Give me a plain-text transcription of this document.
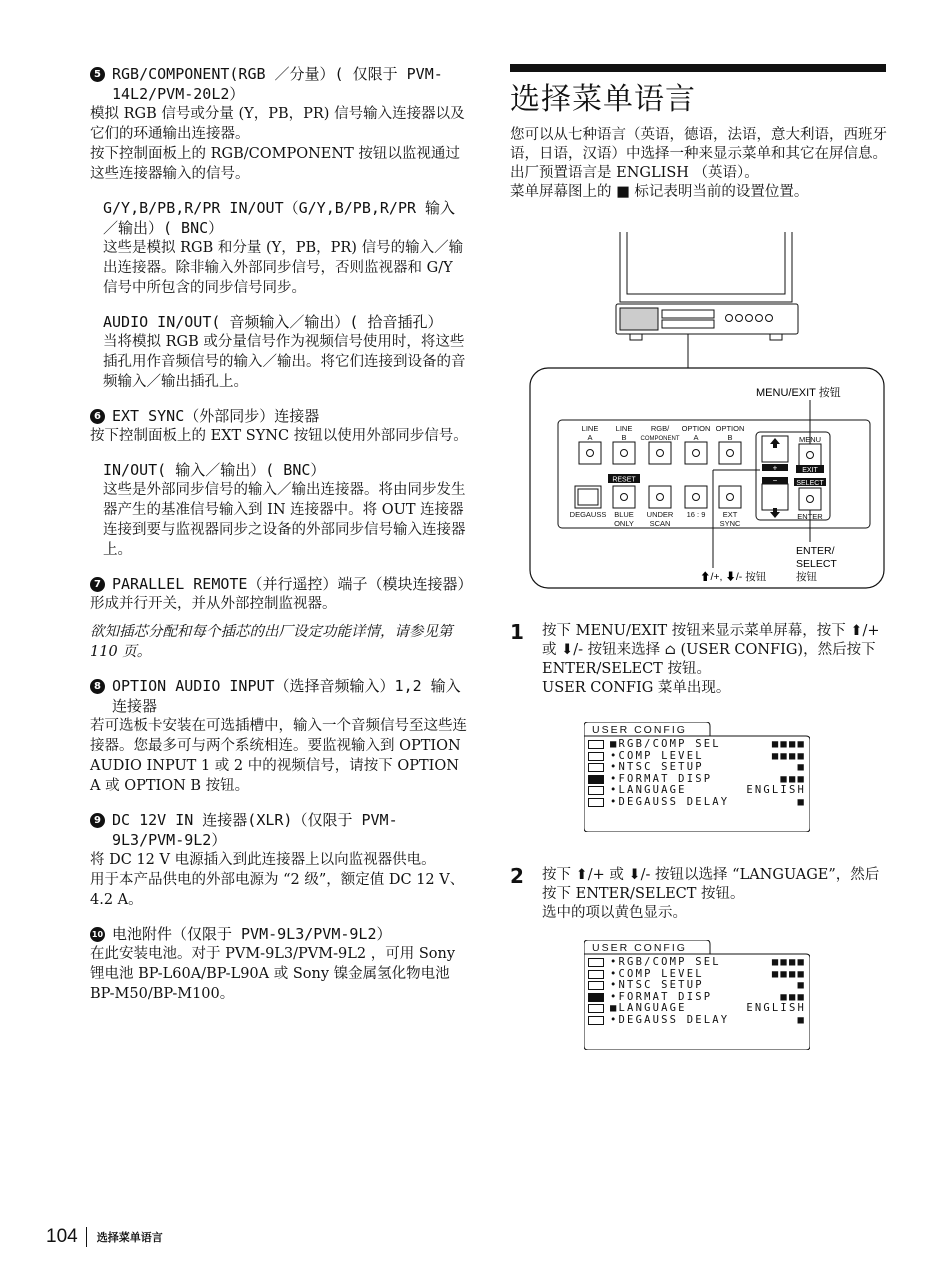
5 RGB/COMPONENT(RGB ／分量）( 仅限于 PVM-14L2/PVM-20L2）

模拟 RGB 信号或分量 (Y，PB，PR) 信号输入连接器以及它们的环通输出连接器。

按下控制面板上的 RGB/COMPONENT 按钮以监视通过这些连接器输入的信号。

G/Y,B/PB,R/PR IN/OUT（G/Y,B/PB,R/PR 输入／输出）( BNC）

这些是模拟 RGB 和分量 (Y，PB，PR) 信号的输入／输出连接器。除非输入外部同步信号，否则监视器和 G/Y 信号中所包含的同步信号同步。

AUDIO IN/OUT( 音频输入／输出）( 拾音插孔）

当将模拟 RGB 或分量信号作为视频信号使用时，将这些插孔用作音频信号的输入／输出。将它们连接到设备的音频输入／输出插孔上。

6 EXT SYNC（外部同步）连接器

按下控制面板上的 EXT SYNC 按钮以使用外部同步信号。

IN/OUT( 输入／输出）( BNC）

这些是外部同步信号的输入／输出连接器。将由同步发生器产生的基准信号输入到 IN 连接器中。将 OUT 连接器连接到要与监视器同步之设备的外部同步信号输入连接器上。

7 PARALLEL REMOTE（并行遥控）端子（模块连接器）

形成并行开关，并从外部控制监视器。

欲知插芯分配和每个插芯的出厂设定功能详情，请参见第 110 页。

8 OPTION AUDIO INPUT（选择音频输入）1,2 输入连接器

若可选板卡安装在可选插槽中，输入一个音频信号至这些连接器。您最多可与两个系统相连。要监视输入到 OPTION AUDIO INPUT 1 或 2 中的视频信号，请按下 OPTION A 或 OPTION B 按钮。

9 DC 12V IN 连接器(XLR)（仅限于 PVM-9L3/PVM-9L2）

将 DC 12 V 电源插入到此连接器上以向监视器供电。

用于本产品供电的外部电源为 “2 级”，额定值 DC 12 V、4.2 A。

10 电池附件（仅限于 PVM-9L3/PVM-9L2）

在此安装电池。对于 PVM-9L3/PVM-9L2 ，可用 Sony 锂电池 BP-L60A/BP-L90A 或 Sony 镍金属氢化物电池 BP-M50/BP-M100。

选择菜单语言

您可以从七种语言（英语，德语，法语，意大利语，西班牙语，日语，汉语）中选择一种来显示菜单和其它在屏信息。

出厂预置语言是 ENGLISH （英语）。

菜单屏幕图上的 ■ 标记表明当前的设置位置。

MENU/EXIT 按钮
LINE
A
LINE
B
RGB/
COMPONENT
OPTION
A
OPTION
B
RESET
DEGAUSS BLUE
ONLY
UNDER
SCAN
16 : 9 EXT
SYNC
+
−
MENU
EXIT
SELECT
ENTER
ENTER/
SELECT
按钮
⬆/+, ⬇/- 按钮
1	按下 MENU/EXIT 按钮来显示菜单屏幕，按下 ⬆/+ 或 ⬇/- 按钮来选择 ⌂ (USER CONFIG)，然后按下 ENTER/SELECT 按钮。
USER CONFIG 菜单出现。
USER CONFIG
■RGB/COMP SEL	■■■■
•COMP LEVEL	■■■■
•NTSC SETUP	■
•FORMAT DISP	■■■
•LANGUAGE	ENGLISH
•DEGAUSS DELAY	■
2	按下 ⬆/+ 或 ⬇/- 按钮以选择 “LANGUAGE”，然后按下 ENTER/SELECT 按钮。
选中的项以黄色显示。
USER CONFIG
•RGB/COMP SEL	■■■■
•COMP LEVEL	■■■■
•NTSC SETUP	■
•FORMAT DISP	■■■
■LANGUAGE	ENGLISH
•DEGAUSS DELAY	■
104 选择菜单语言
